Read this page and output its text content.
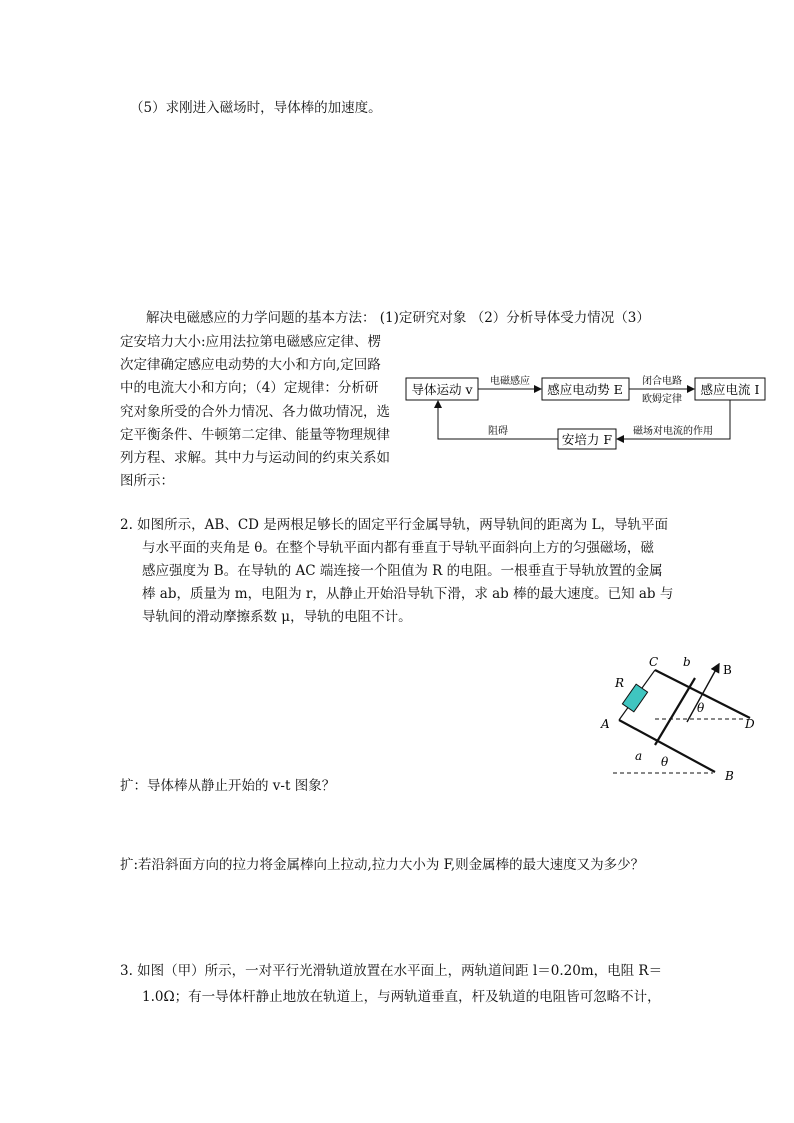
（5）求刚进入磁场时，导体棒的加速度。
解决电磁感应的力学问题的基本方法： (1)定研究对象 （2）分析导体受力情况（3）
定安培力大小:应用法拉第电磁感应定律、楞
次定律确定感应电动势的大小和方向,定回路
中的电流大小和方向；（4）定规律：分析研
究对象所受的合外力情况、各力做功情况，选
定平衡条件、牛顿第二定律、能量等物理规律
列方程、求解。其中力与运动间的约束关系如
图所示：
导体运动 v	感应电动势 E	感应电流 I
安培力 F
电磁感应	闭合电路
欧姆定律
磁场对电流的作用
阻碍
2. 如图所示，AB、CD 是两根足够长的固定平行金属导轨，两导轨间的距离为 L，导轨平面
与水平面的夹角是 θ。在整个导轨平面内都有垂直于导轨平面斜向上方的匀强磁场，磁
感应强度为 B。在导轨的 AC 端连接一个阻值为 R 的电阻。一根垂直于导轨放置的金属
棒 ab，质量为 m，电阻为 r，从静止开始沿导轨下滑，求 ab 棒的最大速度。已知 ab 与
导轨间的滑动摩擦系数 μ，导轨的电阻不计。
C b
B
R
θ
A	D
a θ
B
扩：导体棒从静止开始的 v-t 图象？
扩:若沿斜面方向的拉力将金属棒向上拉动,拉力大小为 F,则金属棒的最大速度又为多少？
3. 如图（甲）所示，一对平行光滑轨道放置在水平面上，两轨道间距 l＝0.20m，电阻 R＝
1.0Ω；有一导体杆静止地放在轨道上，与两轨道垂直，杆及轨道的电阻皆可忽略不计，
